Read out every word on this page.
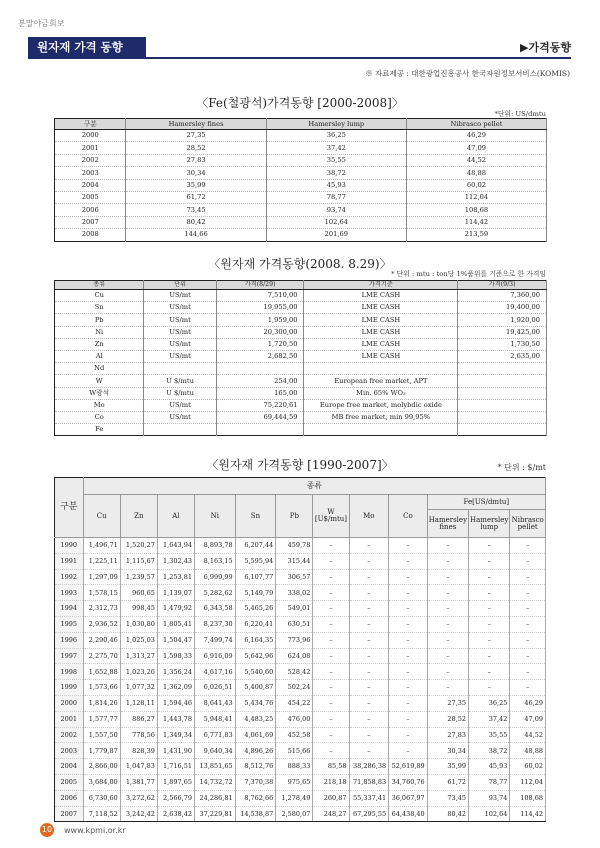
분말야금회보
원자재 가격 동향	▶가격동향
※ 자료제공 : 대한광업진흥공사 한국자원정보서비스(KOMIS)
〈Fe(철광석)가격동향 [2000-2008]〉
*단위: US/dmtu
구분	Hamersley fines	Hamersley lump	Nibrasco pellet
2000	27,35	36,25	46,29
2001	28,52	37,42	47,09
2002	27,83	35,55	44,52
2003	30,34	38,72	48,88
2004	35,99	45,93	60,02
2005	61,72	78,77	112,04
2006	73,45	93,74	108,68
2007	80,42	102,64	114,42
2008	144,66	201,69	213,59
〈원자재 가격동향(2008. 8.29)〉
* 단위 : mtu : ton당 1%품위를 기준으로 한 가격임
종류	단위	가격(8/29)	가격기준	가격(9/3)
Cu	US/mt	7,510,00	LME CASH	7,360,00
Sn	US/mt	19,955,00	LME CASH	19,400,00
Pb	US/mt	1,959,00	LME CASH	1,920,00
Ni	US/mt	20,300,00	LME CASH	19,425,00
Zn	US/mt	1,720,50	LME CASH	1,730,50
Al	US/mt	2,682,50	LME CASH	2,635,00
Nd				
W	U $/mtu	254,00	European free market, APT	
W광석	U $/mtu	165,00	Min. 65% WO₃	
Mo	US/mt	75,220,61	Europe free market, molybdic oxide	
Co	US/mt	69,444,59	MB free market, min 99,95%	
Fe				
〈원자재 가격동향 [1990-2007]〉	* 단위 : $/mt
구분	종류											
	Cu	Zn	Al	Ni	Sn	Pb	W [U$/mtu]	Mo	Co	Fe[US/dmtu]		
										Hamersley fines	Hamersley lump	Nibrasco pellet
1990	1,496,71	1,520,27	1,643,94	8,893,78	6,207,44	459,78	–	–	–	–	–	–
1991	1,225,11	1,115,67	1,302,43	8,163,15	5,595,94	315,44	–	–	–	–	–	–
1992	1,297,09	1,239,57	1,253,81	6,999,99	6,107,77	306,57	–	–	–	–	–	–
1993	1,578,15	960,65	1,139,07	5,282,62	5,149,79	338,02	–	–	–	–	–	–
1994	2,312,73	998,45	1,479,92	6,343,58	5,465,26	549,01	–	–	–	–	–	–
1995	2,936,52	1,030,80	1,805,41	8,237,30	6,220,41	630,51	–	–	–	–	–	–
1996	2,290,46	1,025,03	1,504,47	7,499,74	6,164,35	773,96	–	–	–	–	–	–
1997	2,275,70	1,313,27	1,598,33	6,916,09	5,642,96	624,08	–	–	–	–	–	–
1998	1,652,88	1,023,26	1,356,24	4,617,16	5,540,60	528,42	–	–	–	–	–	–
1999	1,573,66	1,077,32	1,362,09	6,026,51	5,400,87	502,24	–	–	–	–	–	–
2000	1,814,26	1,128,11	1,594,46	8,641,43	5,434,76	454,22	–	–	–	27,35	36,25	46,29
2001	1,577,77	886,27	1,443,78	5,948,41	4,483,25	476,00	–	–	–	28,52	37,42	47,09
2002	1,557,50	778,56	1,349,34	6,771,83	4,061,69	452,58	–	–	–	27,83	35,55	44,52
2003	1,779,87	828,39	1,431,90	9,640,34	4,896,26	515,66	–	–	–	30,34	38,72	48,88
2004	2,866,00	1,047,83	1,716,51	13,851,65	8,512,76	888,33	85,58	38,286,38	52,619,89	35,99	45,93	60,02
2005	3,684,00	1,381,77	1,897,65	14,732,72	7,370,38	975,65	218,18	71,858,83	34,760,76	61,72	78,77	112,04
2006	6,730,60	3,272,62	2,566,79	24,286,81	8,762,66	1,278,49	260,87	55,337,41	36,067,97	73,45	93,74	108,68
2007	7,118,52	3,242,42	2,638,42	37,229,81	14,538,87	2,580,07	248,27	67,295,55	64,438,40	80,42	102,64	114,42
10 www.kpmi.or.kr
